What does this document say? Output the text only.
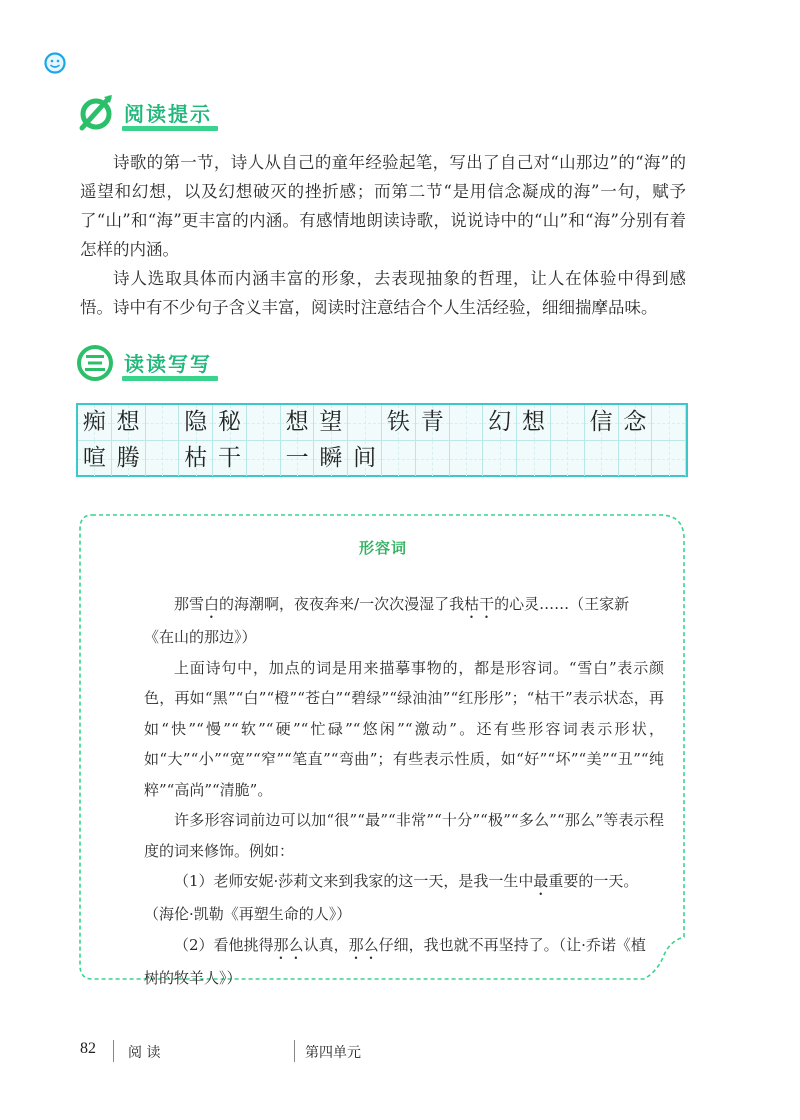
阅读提示

诗歌的第一节，诗人从自己的童年经验起笔，写出了自己对“山那边”的“海”的遥望和幻想，以及幻想破灭的挫折感；而第二节“是用信念凝成的海”一句，赋予了“山”和“海”更丰富的内涵。有感情地朗读诗歌，说说诗中的“山”和“海”分别有着怎样的内涵。

诗人选取具体而内涵丰富的形象，去表现抽象的哲理，让人在体验中得到感悟。诗中有不少句子含义丰富，阅读时注意结合个人生活经验，细细揣摩品味。

读读写写
痴 想 隐 秘 想 望 铁 青 幻 想 信 念
喧 腾 枯 干 一 瞬 间
形容词
那雪白的海潮啊，夜夜奔来/一次次漫湿了我枯干的心灵……（王家新
《在山的那边》）
上面诗句中，加点的词是用来描摹事物的，都是形容词。“雪白”表示颜色，再如“黑”“白”“橙”“苍白”“碧绿”“绿油油”“红彤彤”；“枯干”表示状态，再如“快”“慢”“软”“硬”“忙碌”“悠闲”“激动”。还有些形容词表示形状，如“大”“小”“宽”“窄”“笔直”“弯曲”；有些表示性质，如“好”“坏”“美”“丑”“纯粹”“高尚”“清脆”。
许多形容词前边可以加“很”“最”“非常”“十分”“极”“多么”“那么”等表示程度的词来修饰。例如：
（1）老师安妮·莎莉文来到我家的这一天，是我一生中最重要的一天。
（海伦·凯勒《再塑生命的人》）
（2）看他挑得那么认真，那么仔细，我也就不再坚持了。（让·乔诺《植
树的牧羊人》）
82 阅 读	第四单元
